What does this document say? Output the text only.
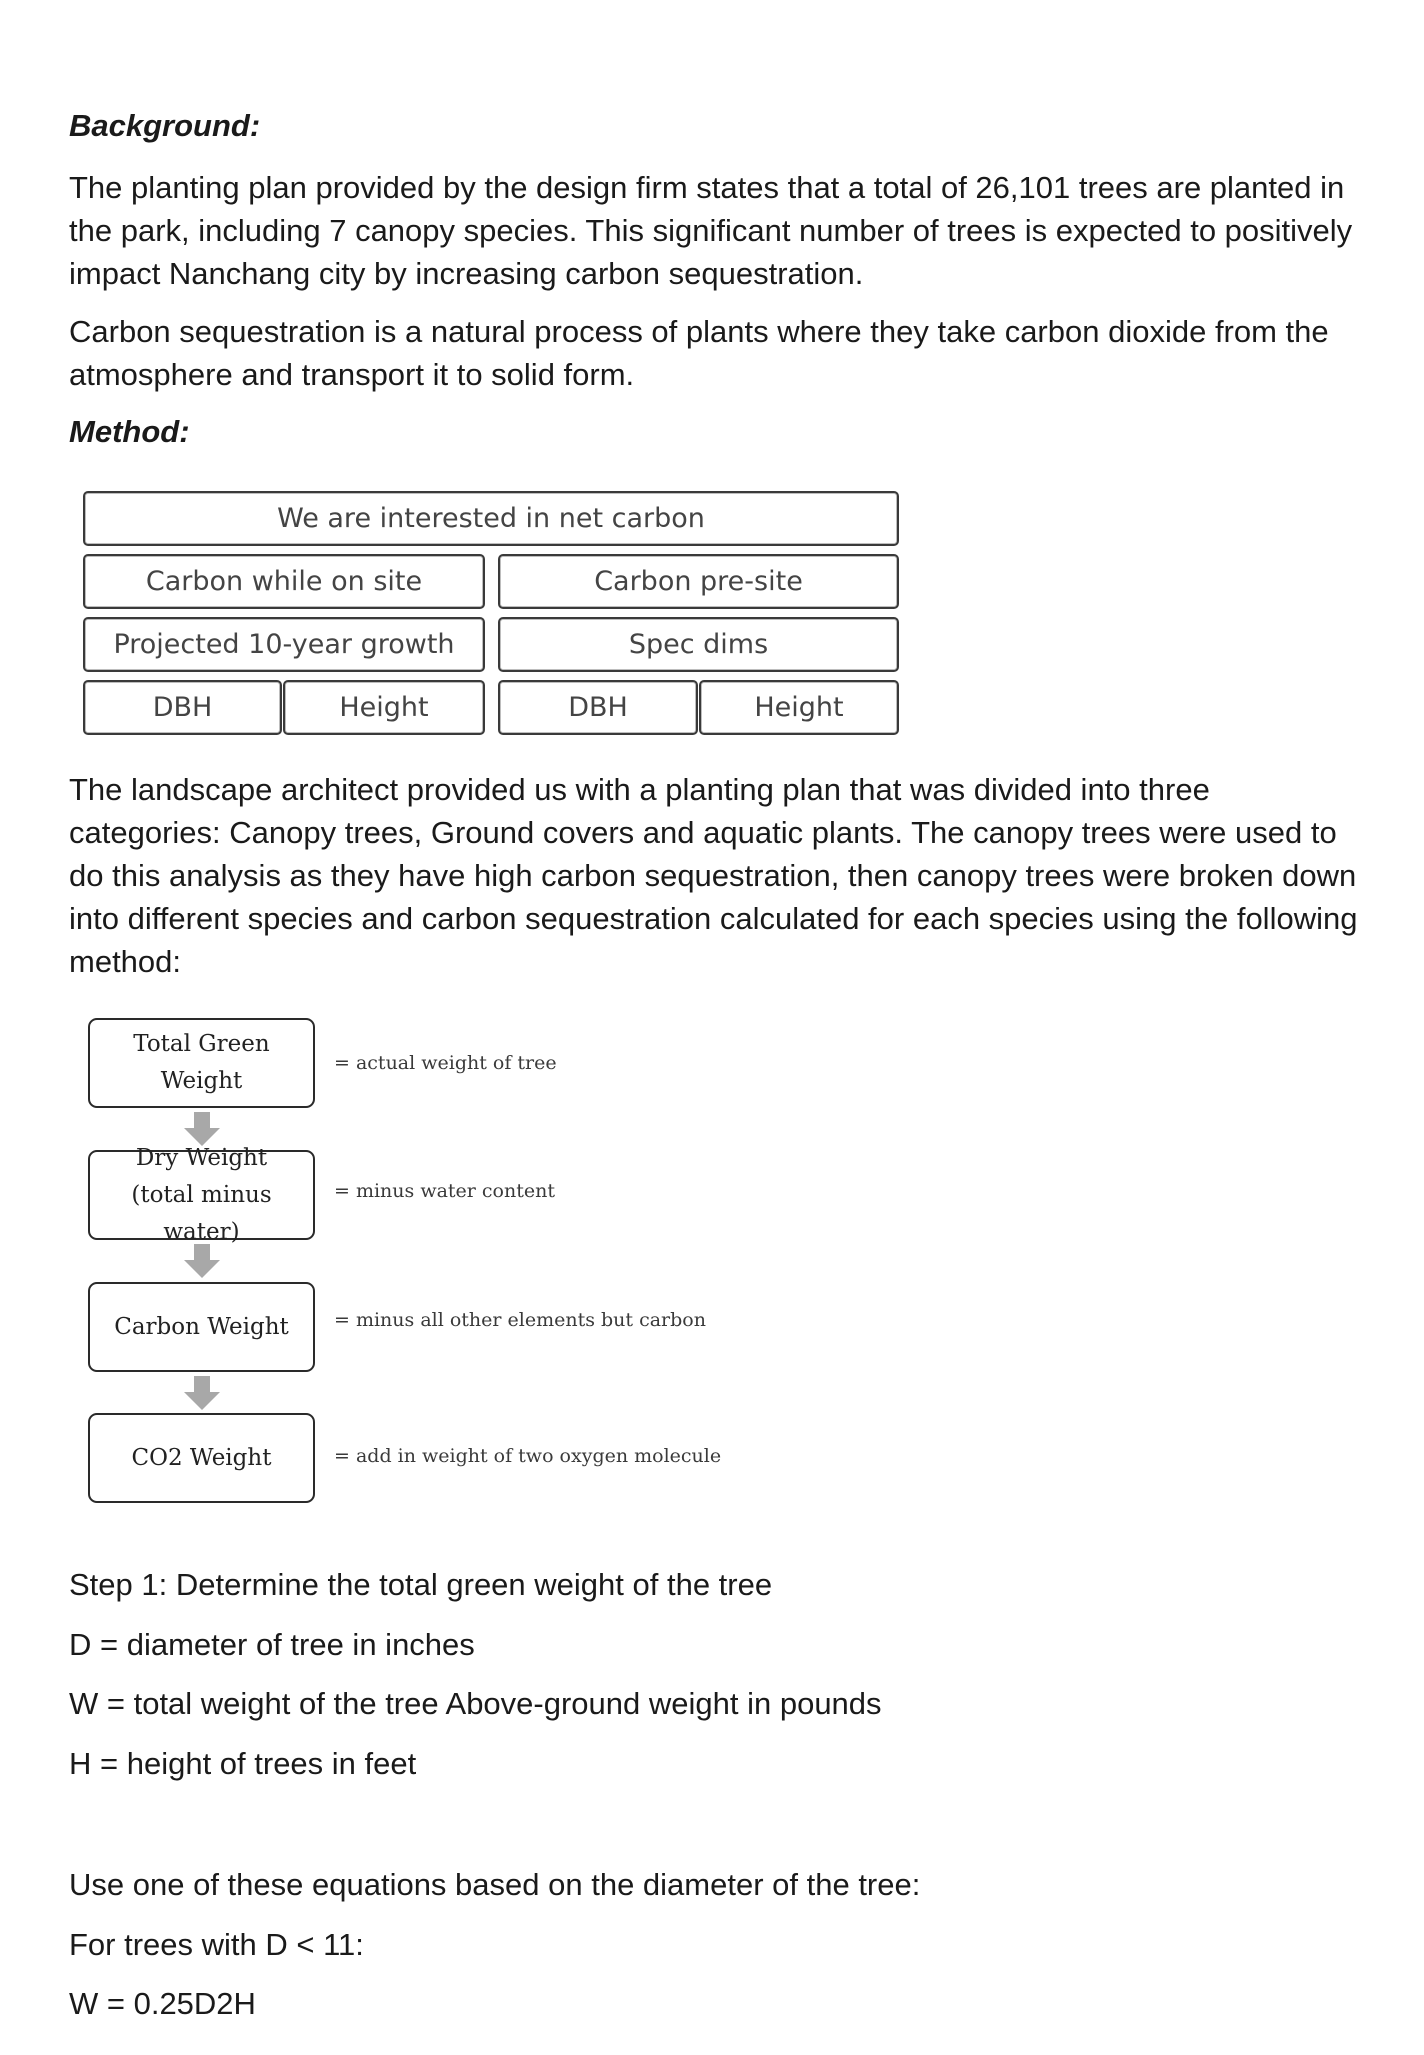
Background:

The planting plan provided by the design firm states that a total of 26,101 trees are planted in the park, including 7 canopy species. This significant number of trees is expected to positively impact Nanchang city by increasing carbon sequestration.

Carbon sequestration is a natural process of plants where they take carbon dioxide from the atmosphere and transport it to solid form.

Method:

We are interested in net carbon
Carbon while on site	Carbon pre-site
Projected 10-year growth	Spec dims
DBH	Height	DBH	Height

The landscape architect provided us with a planting plan that was divided into three categories: Canopy trees, Ground covers and aquatic plants. The canopy trees were used to do this analysis as they have high carbon sequestration, then canopy trees were broken down into different species and carbon sequestration calculated for each species using the following method:

Total Green Weight
= actual weight of tree
Dry Weight
(total minus water)
= minus water content
Carbon Weight	= minus all other elements but carbon
CO2 Weight	= add in weight of two oxygen molecule

Step 1: Determine the total green weight of the tree

D = diameter of tree in inches

W = total weight of the tree Above-ground weight in pounds

H = height of trees in feet

Use one of these equations based on the diameter of the tree:

For trees with D < 11:

W = 0.25D2H
